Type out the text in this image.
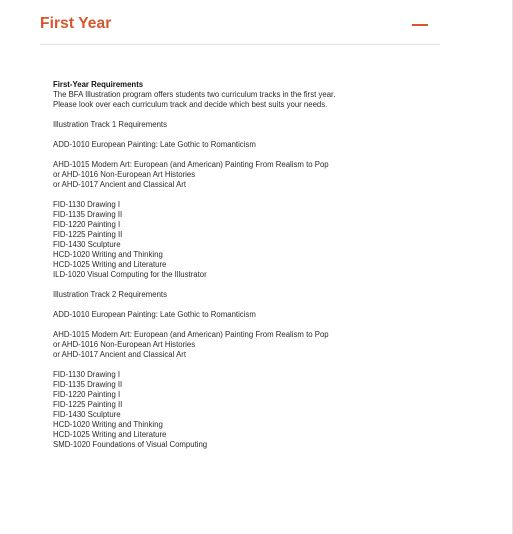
First Year
First-Year Requirements
The BFA Illustration program offers students two curriculum tracks in the first year.
Please look over each curriculum track and decide which best suits your needs.
Illustration Track 1 Requirements
ADD-1010 European Painting: Late Gothic to Romanticism
AHD-1015 Modern Art: European (and American) Painting From Realism to Pop
or AHD-1016 Non-European Art Histories
or AHD-1017 Ancient and Classical Art
FID-1130 Drawing I
FID-1135 Drawing II
FID-1220 Painting I
FID-1225 Painting II
FID-1430 Sculpture
HCD-1020 Writing and Thinking
HCD-1025 Writing and Literature
ILD-1020 Visual Computing for the Illustrator
Illustration Track 2 Requirements
ADD-1010 European Painting: Late Gothic to Romanticism
AHD-1015 Modern Art: European (and American) Painting From Realism to Pop
or AHD-1016 Non-European Art Histories
or AHD-1017 Ancient and Classical Art
FID-1130 Drawing I
FID-1135 Drawing II
FID-1220 Painting I
FID-1225 Painting II
FID-1430 Sculpture
HCD-1020 Writing and Thinking
HCD-1025 Writing and Literature
SMD-1020 Foundations of Visual Computing
